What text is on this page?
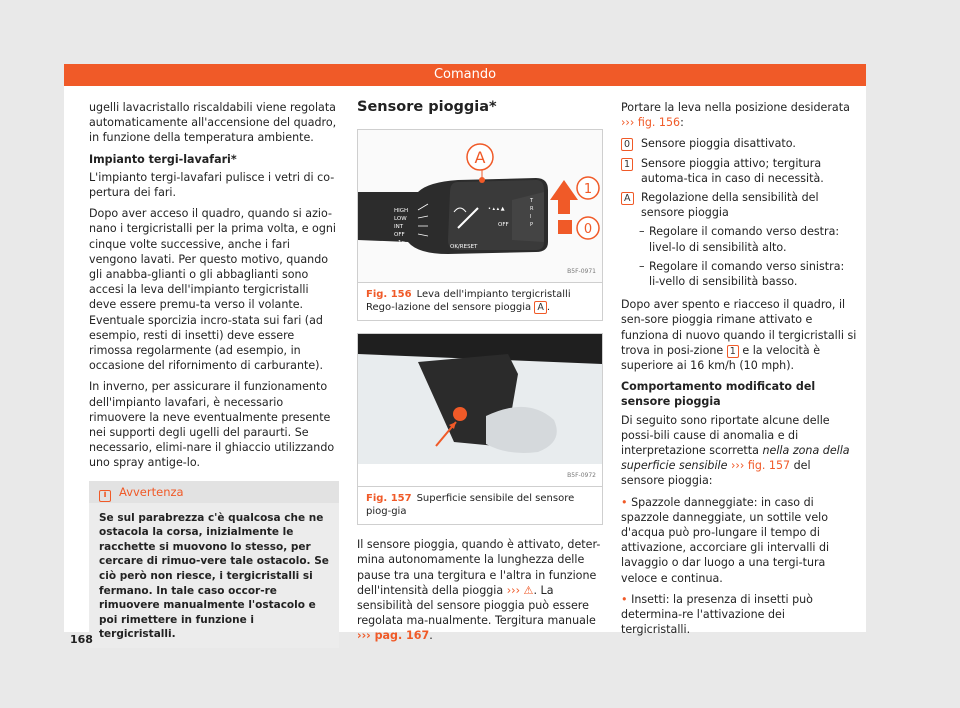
Comando

ugelli lavacristallo riscaldabili viene regolata automaticamente all'accensione del quadro, in funzione della temperatura ambiente.

Impianto tergi-lavafari*

L'impianto tergi-lavafari pulisce i vetri di co-pertura dei fari.

Dopo aver acceso il quadro, quando si azio-nano i tergicristalli per la prima volta, e ogni cinque volte successive, anche i fari vengono lavati. Per questo motivo, quando gli anabba-glianti o gli abbaglianti sono accesi la leva dell'impianto tergicristalli deve essere premu-ta verso il volante. Eventuale sporcizia incro-stata sui fari (ad esempio, resti di insetti) deve essere rimossa regolarmente (ad esempio, in occasione del rifornimento di carburante).

In inverno, per assicurare il funzionamento dell'impianto lavafari, è necessario rimuovere la neve eventualmente presente nei supporti degli ugelli del paraurti. Se necessario, elimi-nare il ghiaccio utilizzando uno spray antige-lo.

i Avvertenza
Se sul parabrezza c'è qualcosa che ne ostacola la corsa, inizialmente le racchette si muovono lo stesso, per cercare di rimuo-vere tale ostacolo. Se ciò però non riesce, i tergicristalli si fermano. In tale caso occor-re rimuovere manualmente l'ostacolo e poi rimettere in funzione i tergicristalli.
Sensore pioggia*
A
1
0
HIGH
LOW
INT
OFF
1x
• ▴ ▴ ▲
OFF
OK/RESET
T
R
I
P
B5F-0971
Fig. 156 Leva dell'impianto tergicristalli Rego-lazione del sensore pioggia A .
B5F-0972
Fig. 157 Superficie sensibile del sensore piog-gia

Il sensore pioggia, quando è attivato, deter-mina autonomamente la lunghezza delle pause tra una tergitura e l'altra in funzione dell'intensità della pioggia ››› ⚠. La sensibilità del sensore pioggia può essere regolata ma-nualmente. Tergitura manuale ››› pag. 167.

Portare la leva nella posizione desiderata ››› fig. 156:

0 Sensore pioggia disattivato.
1 Sensore pioggia attivo; tergitura automa-tica in caso di necessità.
A Regolazione della sensibilità del sensore pioggia
– Regolare il comando verso destra: livel-lo di sensibilità alto.
– Regolare il comando verso sinistra: li-vello di sensibilità basso.

Dopo aver spento e riacceso il quadro, il sen-sore pioggia rimane attivato e funziona di nuovo quando il tergicristalli si trova in posi-zione 1 e la velocità è superiore ai 16 km/h (10 mph).

Comportamento modificato del sensore pioggia

Di seguito sono riportate alcune delle possi-bili cause di anomalia e di interpretazione scorretta nella zona della superficie sensibile ››› fig. 157 del sensore pioggia:

• Spazzole danneggiate: in caso di spazzole danneggiate, un sottile velo d'acqua può pro-lungare il tempo di attivazione, accorciare gli intervalli di lavaggio o dar luogo a una tergi-tura veloce e continua.

• Insetti: la presenza di insetti può determina-re l'attivazione dei tergicristalli.

168
